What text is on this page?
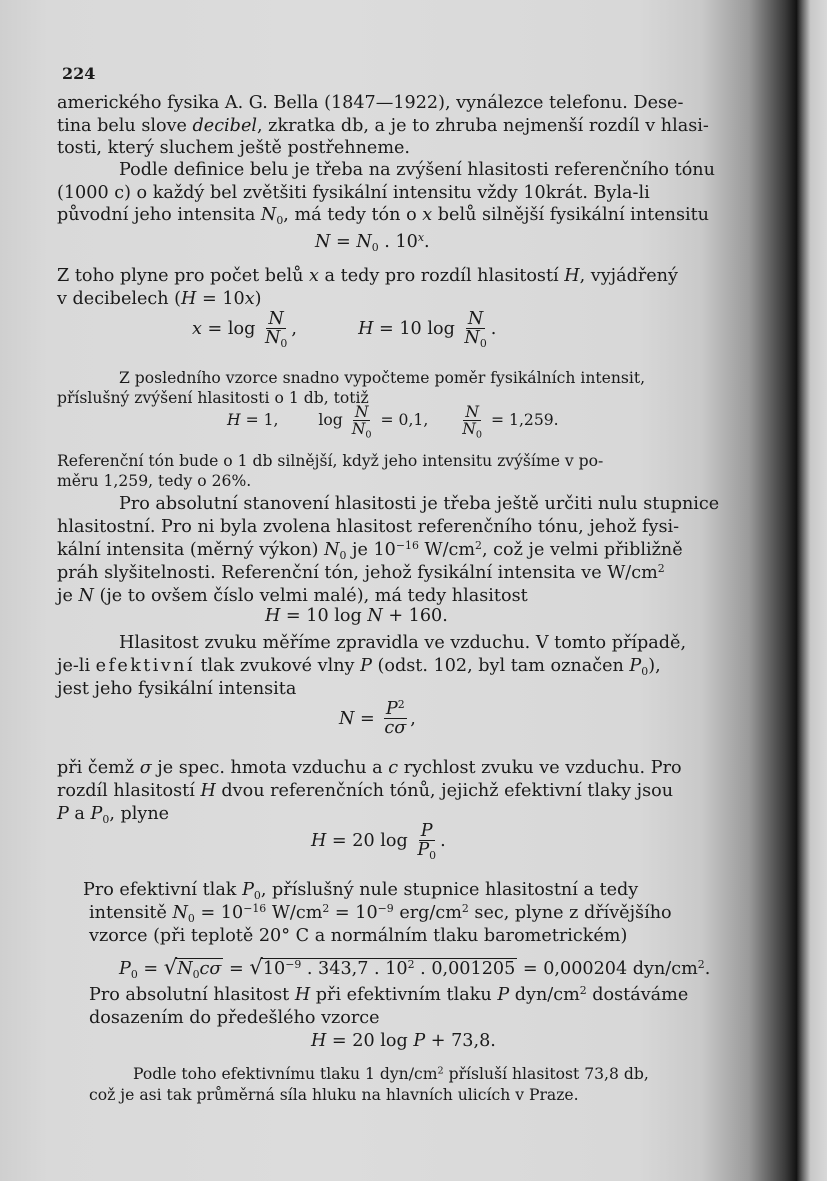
224
amerického fysika A. G. Bella (1847—1922), vynálezce telefonu. Dese-
tina belu slove decibel, zkratka db, a je to zhruba nejmenší rozdíl v hlasi-
tosti, který sluchem ještě postřehneme.
Podle definice belu je třeba na zvýšení hlasitosti referenčního tónu
(1000 c) o každý bel zvětšiti fysikální intensitu vždy 10krát. Byla-li
původní jeho intensita $N_0$, má tedy tón o x belů silnější fysikální intensitu
$N = N_0$ . 10$^x$.
Z toho plyne pro počet belů x a tedy pro rozdíl hlasitostí H, vyjádřený
v decibelech (H = 10x)
$x = \log \frac{N}{N_0}$ ,	H = 10 $\log \frac{N}{N_0}$ .
Z posledního vzorce snadno vypočteme poměr fysikálních intensit,
příslušný zvýšení hlasitosti o 1 db, totiž
H = 1,	$\log \frac{N}{N_0} = 0,1$, $\frac{N}{N_0} = 1,259$.
Referenční tón bude o 1 db silnější, když jeho intensitu zvýšíme v po-
měru 1,259, tedy o 26%.
Pro absolutní stanovení hlasitosti je třeba ještě určiti nulu stupnice
hlasitostní. Pro ni byla zvolena hlasitost referenčního tónu, jehož fysi-
kální intensita (měrný výkon) $N_0$ je $10^{-16}$ $W/cm^2$, což je velmi přibližně
práh slyšitelnosti. Referenční tón, jehož fysikální intensita ve $W/cm^2$
je N (je to ovšem číslo velmi malé), má tedy hlasitost
H = 10 log N + 160.
Hlasitost zvuku měříme zpravidla ve vzduchu. V tomto případě,
je-li efektivní tlak zvukové vlny P (odst. 102, byl tam označen $P_0$),
jest jeho fysikální intensita
$N = \frac{P^2}{c\sigma}$ ,
při čemž σ je spec. hmota vzduchu a c rychlost zvuku ve vzduchu. Pro
rozdíl hlasitostí H dvou referenčních tónů, jejichž efektivní tlaky jsou
P a $P_0$, plyne
H = 20 $\log \frac{P}{P_0}$ .
Pro efektivní tlak $P_0$, příslušný nule stupnice hlasitostní a tedy
intensitě $N_0 = 10^{-16}$ $W/cm^2 = 10^{-9}$ erg/$cm^2$ sec, plyne z dřívějšího
vzorce (při teplotě 20° C a normálním tlaku barometrickém)
$P_0 = √N_0c\sigma = √10^{-9}$ . 343,7 . $10^2$ . 0,001205 = 0,000204 dyn/$cm^2$.
Pro absolutní hlasitost H při efektivním tlaku P dyn/$cm^2$ dostáváme
dosazením do předešlého vzorce
H = 20 log P + 73,8.
Podle toho efektivnímu tlaku 1 dyn/$cm^2$ přísluší hlasitost 73,8 db,
což je asi tak průměrná síla hluku na hlavních ulicích v Praze.
